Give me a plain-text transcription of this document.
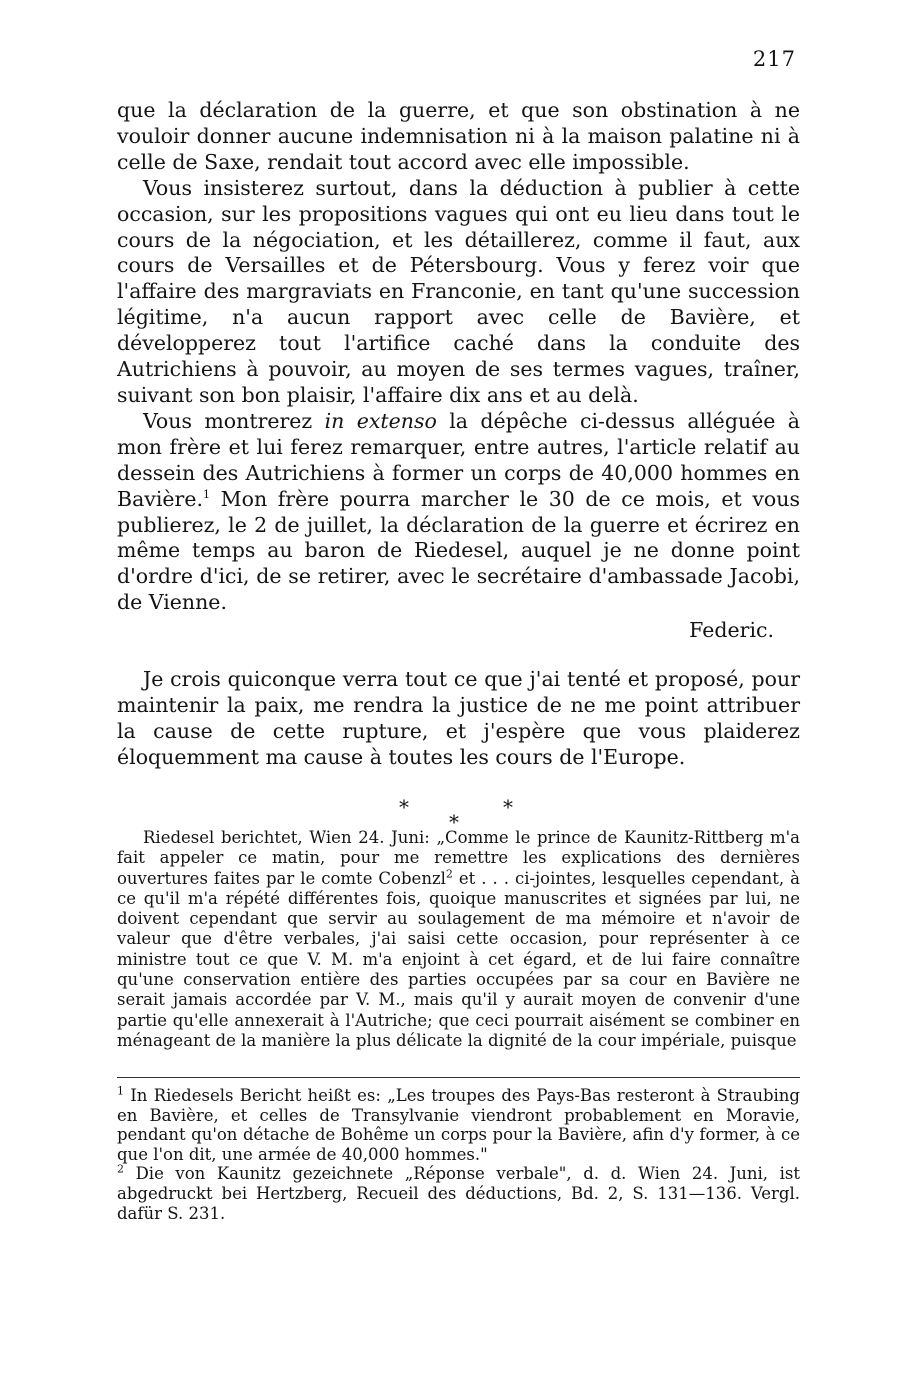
217

que la déclaration de la guerre, et que son obstination à ne vouloir donner aucune indemnisation ni à la maison palatine ni à celle de Saxe, rendait tout accord avec elle impossible.

Vous insisterez surtout, dans la déduction à publier à cette occasion, sur les propositions vagues qui ont eu lieu dans tout le cours de la négociation, et les détaillerez, comme il faut, aux cours de Versailles et de Pétersbourg. Vous y ferez voir que l'affaire des margraviats en Franconie, en tant qu'une succession légitime, n'a aucun rapport avec celle de Bavière, et développerez tout l'artifice caché dans la conduite des Autrichiens à pouvoir, au moyen de ses termes vagues, traîner, suivant son bon plaisir, l'affaire dix ans et au delà.

Vous montrerez in extenso la dépêche ci-dessus alléguée à mon frère et lui ferez remarquer, entre autres, l'article relatif au dessein des Autrichiens à former un corps de 40,000 hommes en Bavière.$^1$ Mon frère pourra marcher le 30 de ce mois, et vous publierez, le 2 de juillet, la déclaration de la guerre et écrirez en même temps au baron de Riedesel, auquel je ne donne point d'ordre d'ici, de se retirer, avec le secrétaire d'ambassade Jacobi, de Vienne.

Federic.

Je crois quiconque verra tout ce que j'ai tenté et proposé, pour maintenir la paix, me rendra la justice de ne me point attribuer la cause de cette rupture, et j'espère que vous plaiderez éloquemment ma cause à toutes les cours de l'Europe.

*	*
*

Riedesel berichtet, Wien 24. Juni: „Comme le prince de Kaunitz-Rittberg m'a fait appeler ce matin, pour me remettre les explications des dernières ouvertures faites par le comte Cobenzl$^2$ et . . . ci-jointes, lesquelles cependant, à ce qu'il m'a répété différentes fois, quoique manuscrites et signées par lui, ne doivent cependant que servir au soulagement de ma mémoire et n'avoir de valeur que d'être verbales, j'ai saisi cette occasion, pour représenter à ce ministre tout ce que V. M. m'a enjoint à cet égard, et de lui faire connaître qu'une conservation entière des parties occupées par sa cour en Bavière ne serait jamais accordée par V. M., mais qu'il y aurait moyen de convenir d'une partie qu'elle annexerait à l'Autriche; que ceci pourrait aisément se combiner en ménageant de la manière la plus délicate la dignité de la cour impériale, puisque

$^1$ In Riedesels Bericht heißt es: „Les troupes des Pays-Bas resteront à Straubing en Bavière, et celles de Transylvanie viendront probablement en Moravie, pendant qu'on détache de Bohême un corps pour la Bavière, afin d'y former, à ce que l'on dit, une armée de 40,000 hommes."

$^2$ Die von Kaunitz gezeichnete „Réponse verbale", d. d. Wien 24. Juni, ist abgedruckt bei Hertzberg, Recueil des déductions, Bd. 2, S. 131—136. Vergl. dafür S. 231.
